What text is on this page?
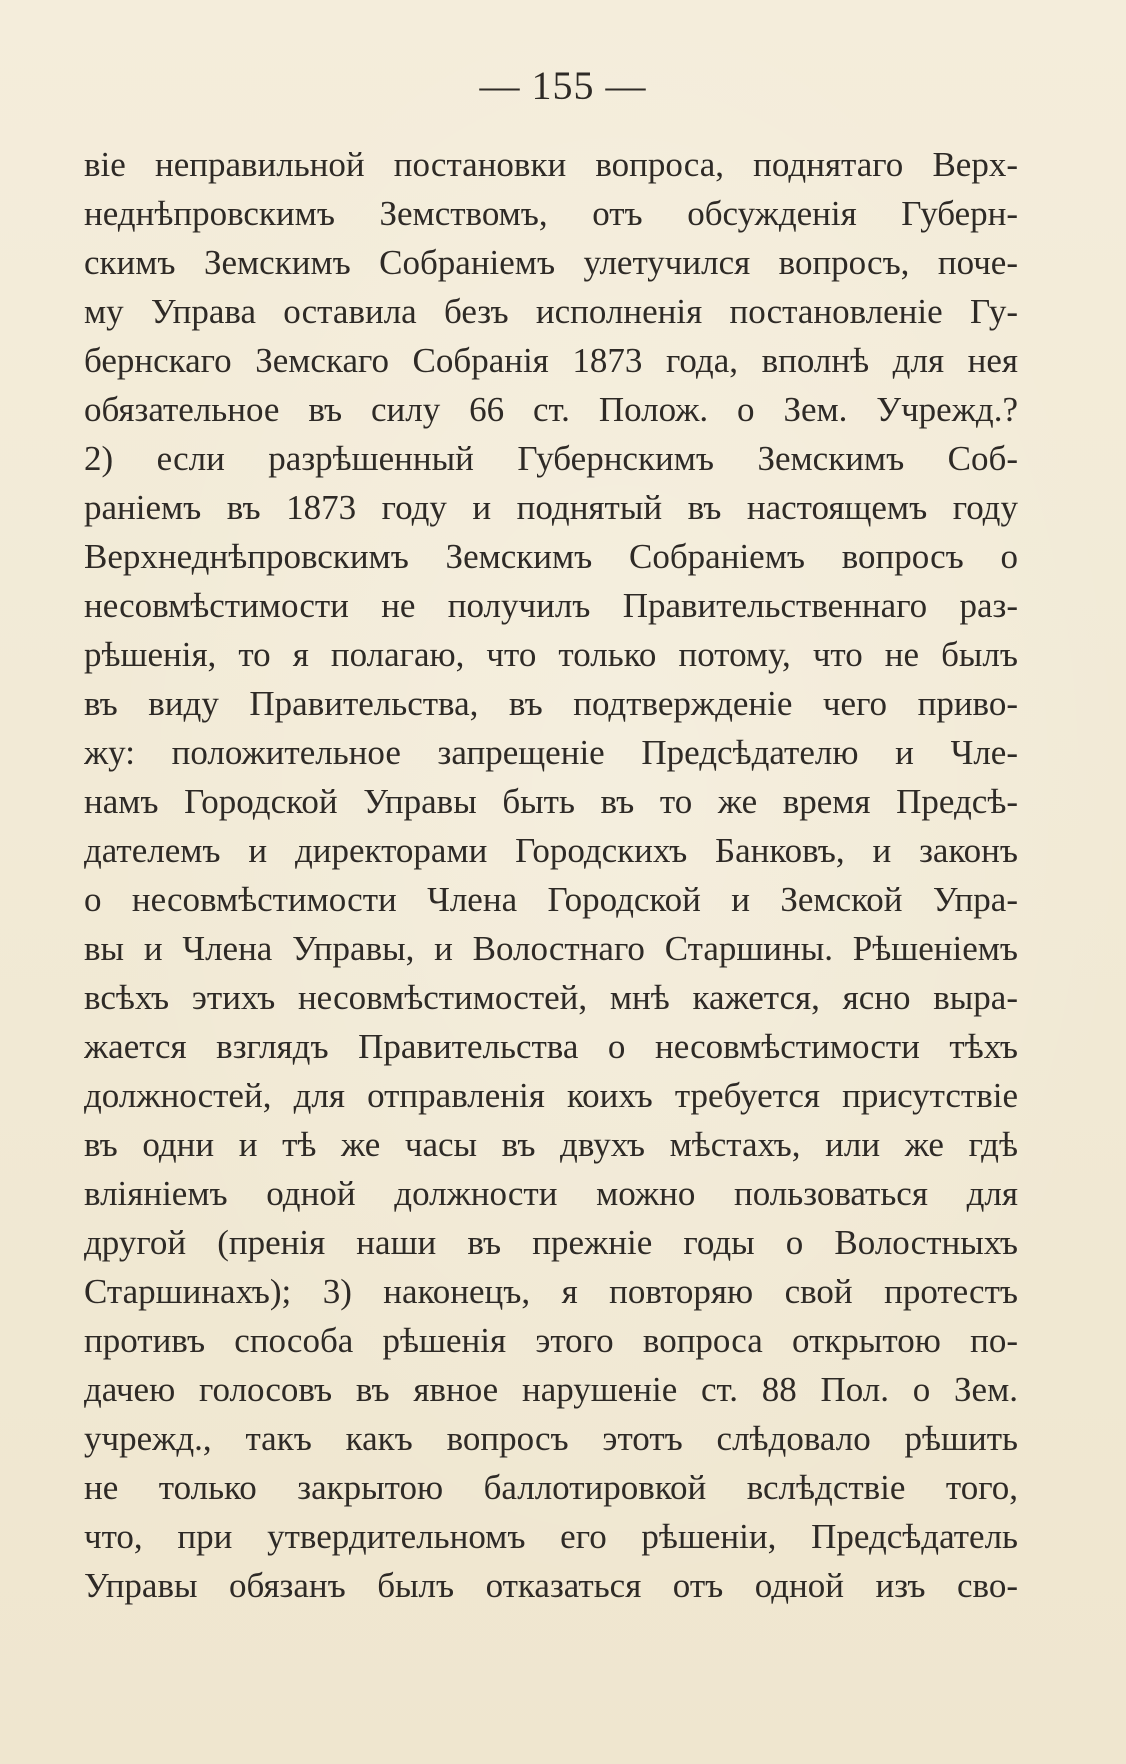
— 155 —
віе неправильной постановки вопроса, поднятаго Верх-
неднѣпровскимъ Земствомъ, отъ обсужденія Губерн-
скимъ Земскимъ Собраніемъ улетучился вопросъ, поче-
му Управа оставила безъ исполненія постановленіе Гу-
бернскаго Земскаго Собранія 1873 года, вполнѣ для нея
обязательное въ силу 66 ст. Полож. о Зем. Учрежд.?
2) если разрѣшенный Губернскимъ Земскимъ Соб-
раніемъ въ 1873 году и поднятый въ настоящемъ году
Верхнеднѣпровскимъ Земскимъ Собраніемъ вопросъ о
несовмѣстимости не получилъ Правительственнаго раз-
рѣшенія, то я полагаю, что только потому, что не былъ
въ виду Правительства, въ подтвержденіе чего приво-
жу: положительное запрещеніе Предсѣдателю и Чле-
намъ Городской Управы быть въ то же время Предсѣ-
дателемъ и директорами Городскихъ Банковъ, и законъ
о несовмѣстимости Члена Городской и Земской Упра-
вы и Члена Управы, и Волостнаго Старшины. Рѣшеніемъ
всѣхъ этихъ несовмѣстимостей, мнѣ кажется, ясно выра-
жается взглядъ Правительства о несовмѣстимости тѣхъ
должностей, для отправленія коихъ требуется присутствіе
въ одни и тѣ же часы въ двухъ мѣстахъ, или же гдѣ
вліяніемъ одной должности можно пользоваться для
другой (пренія наши въ прежніе годы о Волостныхъ
Старшинахъ); 3) наконецъ, я повторяю свой протестъ
противъ способа рѣшенія этого вопроса открытою по-
дачею голосовъ въ явное нарушеніе ст. 88 Пол. о Зем.
учрежд., такъ какъ вопросъ этотъ слѣдовало рѣшить
не только закрытою баллотировкой вслѣдствіе того,
что, при утвердительномъ его рѣшеніи, Предсѣдатель
Управы обязанъ былъ отказаться отъ одной изъ сво-
